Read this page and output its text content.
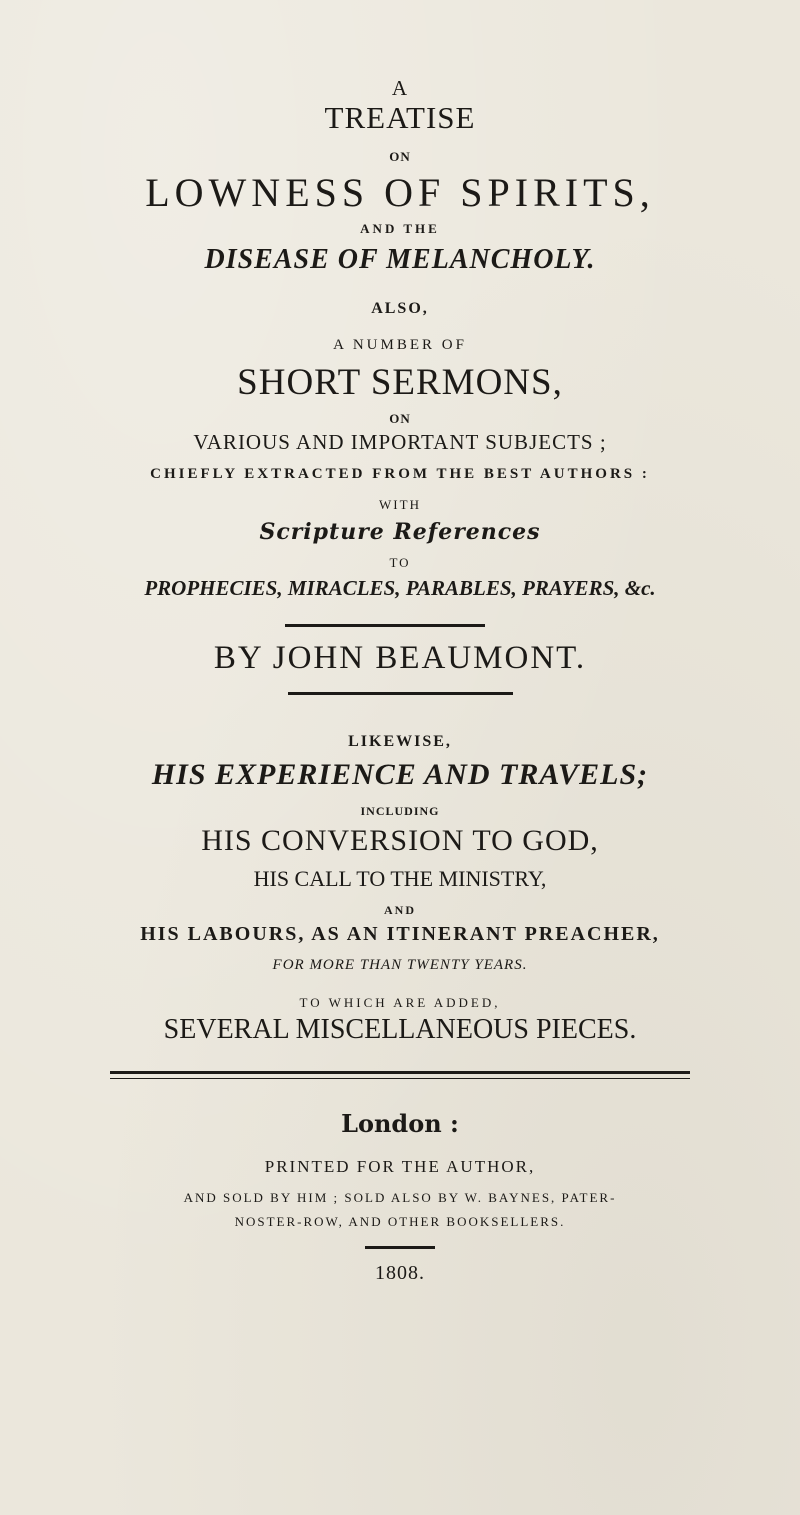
A
TREATISE
ON
LOWNESS OF SPIRITS,
AND THE
DISEASE OF MELANCHOLY.
ALSO,
A NUMBER OF
SHORT SERMONS,
ON
VARIOUS AND IMPORTANT SUBJECTS ;
CHIEFLY EXTRACTED FROM THE BEST AUTHORS :
WITH
Scripture References
TO
PROPHECIES, MIRACLES, PARABLES, PRAYERS, &c.
BY JOHN BEAUMONT.
LIKEWISE,
HIS EXPERIENCE AND TRAVELS;
INCLUDING
HIS CONVERSION TO GOD,
HIS CALL TO THE MINISTRY,
AND
HIS LABOURS, AS AN ITINERANT PREACHER,
FOR MORE THAN TWENTY YEARS.
TO WHICH ARE ADDED,
SEVERAL MISCELLANEOUS PIECES.
London :
PRINTED FOR THE AUTHOR,
AND SOLD BY HIM ; SOLD ALSO BY W. BAYNES, PATER-
NOSTER-ROW, AND OTHER BOOKSELLERS.
1808.
